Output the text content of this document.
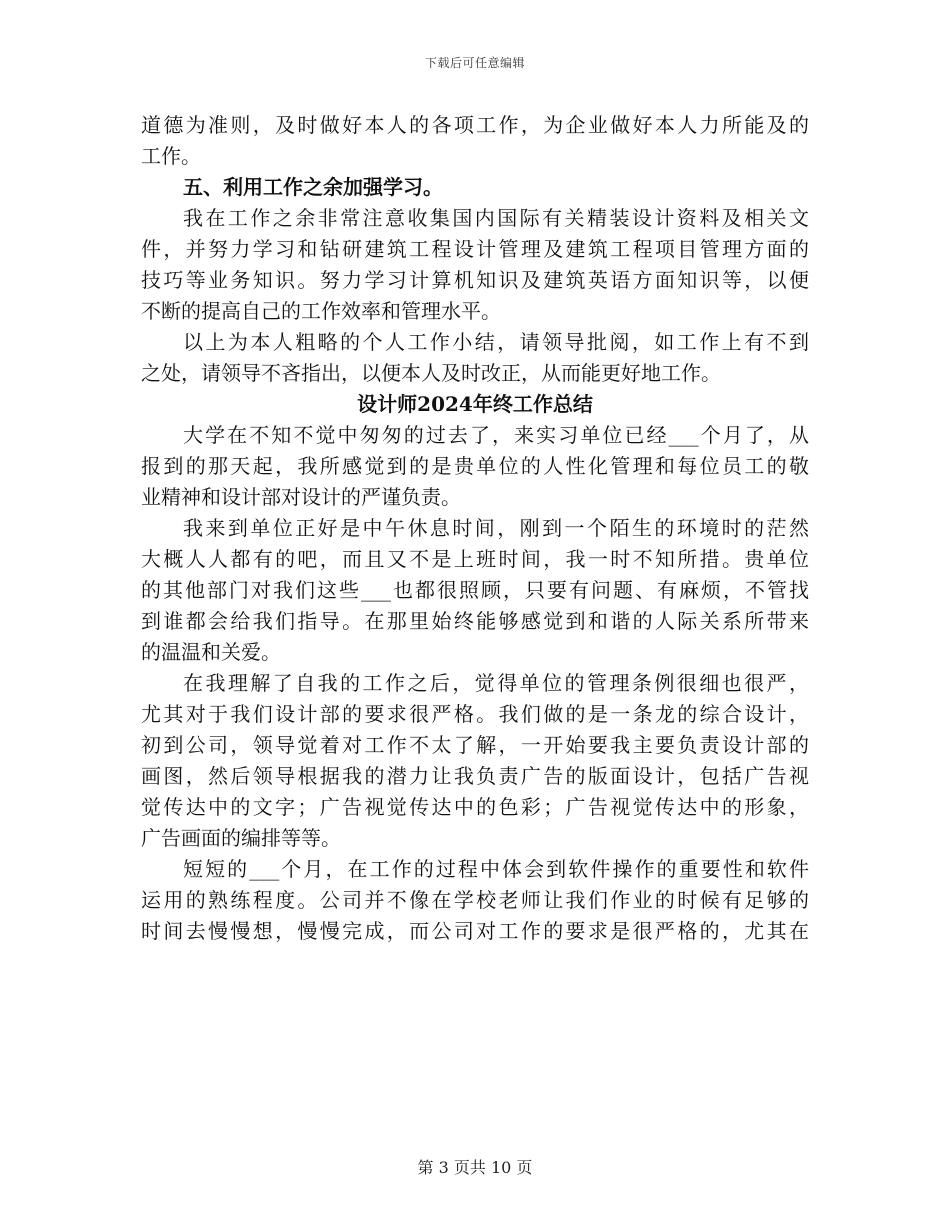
下载后可任意编辑
道德为准则，及时做好本人的各项工作，为企业做好本人力所能及的
工作。
五、利用工作之余加强学习。
我在工作之余非常注意收集国内国际有关精装设计资料及相关文
件，并努力学习和钻研建筑工程设计管理及建筑工程项目管理方面的
技巧等业务知识。努力学习计算机知识及建筑英语方面知识等，以便
不断的提高自己的工作效率和管理水平。
以上为本人粗略的个人工作小结，请领导批阅，如工作上有不到
之处，请领导不吝指出，以便本人及时改正，从而能更好地工作。
设计师2024年终工作总结
大学在不知不觉中匆匆的过去了，来实习单位已经___个月了，从
报到的那天起，我所感觉到的是贵单位的人性化管理和每位员工的敬
业精神和设计部对设计的严谨负责。
我来到单位正好是中午休息时间，刚到一个陌生的环境时的茫然
大概人人都有的吧，而且又不是上班时间，我一时不知所措。贵单位
的其他部门对我们这些___也都很照顾，只要有问题、有麻烦，不管找
到谁都会给我们指导。在那里始终能够感觉到和谐的人际关系所带来
的温温和关爱。
在我理解了自我的工作之后，觉得单位的管理条例很细也很严，
尤其对于我们设计部的要求很严格。我们做的是一条龙的综合设计，
初到公司，领导觉着对工作不太了解，一开始要我主要负责设计部的
画图，然后领导根据我的潜力让我负责广告的版面设计，包括广告视
觉传达中的文字；广告视觉传达中的色彩；广告视觉传达中的形象，
广告画面的编排等等。
短短的___个月，在工作的过程中体会到软件操作的重要性和软件
运用的熟练程度。公司并不像在学校老师让我们作业的时候有足够的
时间去慢慢想，慢慢完成，而公司对工作的要求是很严格的，尤其在
第 3 页共 10 页
